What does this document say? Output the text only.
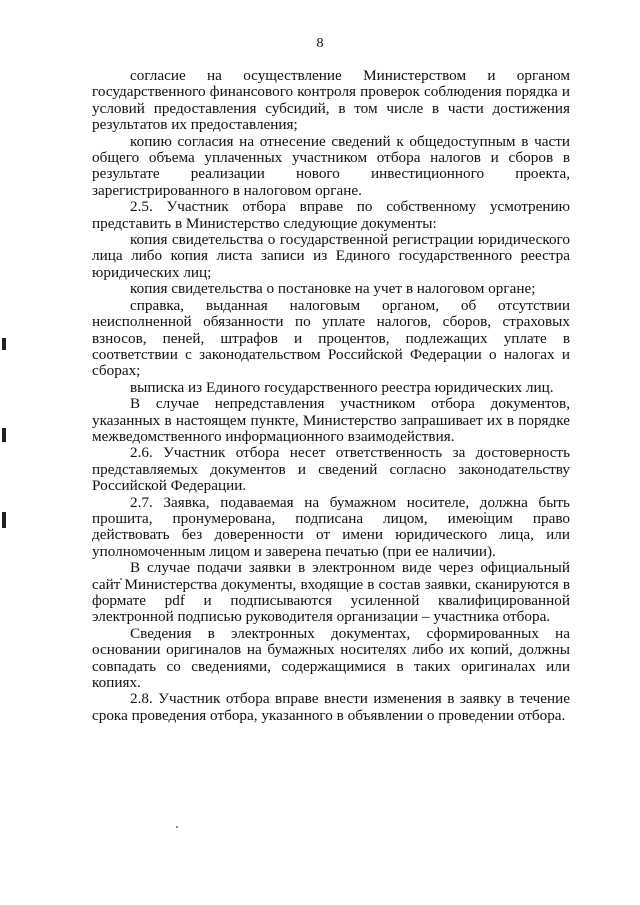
8

согласие на осуществление Министерством и органом государственного финансового контроля проверок соблюдения порядка и условий предоставления субсидий, в том числе в части достижения результатов их предоставления;

копию согласия на отнесение сведений к общедоступным в части общего объема уплаченных участником отбора налогов и сборов в результате реализации нового инвестиционного проекта, зарегистрированного в налоговом органе.

2.5. Участник отбора вправе по собственному усмотрению представить в Министерство следующие документы:

копия свидетельства о государственной регистрации юридического лица либо копия листа записи из Единого государственного реестра юридических лиц;

копия свидетельства о постановке на учет в налоговом органе;

справка, выданная налоговым органом, об отсутствии неисполненной обязанности по уплате налогов, сборов, страховых взносов, пеней, штрафов и процентов, подлежащих уплате в соответствии с законодательством Российской Федерации о налогах и сборах;

выписка из Единого государственного реестра юридических лиц.

В случае непредставления участником отбора документов, указанных в настоящем пункте, Министерство запрашивает их в порядке межведомственного информационного взаимодействия.

2.6. Участник отбора несет ответственность за достоверность представляемых документов и сведений согласно законодательству Российской Федерации.

2.7. Заявка, подаваемая на бумажном носителе, должна быть прошита, пронумерована, подписана лицом, имеющим право действовать без доверенности от имени юридического лица, или уполномоченным лицом и заверена печатью (при ее наличии).

В случае подачи заявки в электронном виде через официальный сайт Министерства документы, входящие в состав заявки, сканируются в формате pdf и подписываются усиленной квалифицированной электронной подписью руководителя организации – участника отбора.

Сведения в электронных документах, сформированных на основании оригиналов на бумажных носителях либо их копий, должны совпадать со сведениями, содержащимися в таких оригиналах или копиях.

2.8. Участник отбора вправе внести изменения в заявку в течение срока проведения отбора, указанного в объявлении о проведении отбора.
